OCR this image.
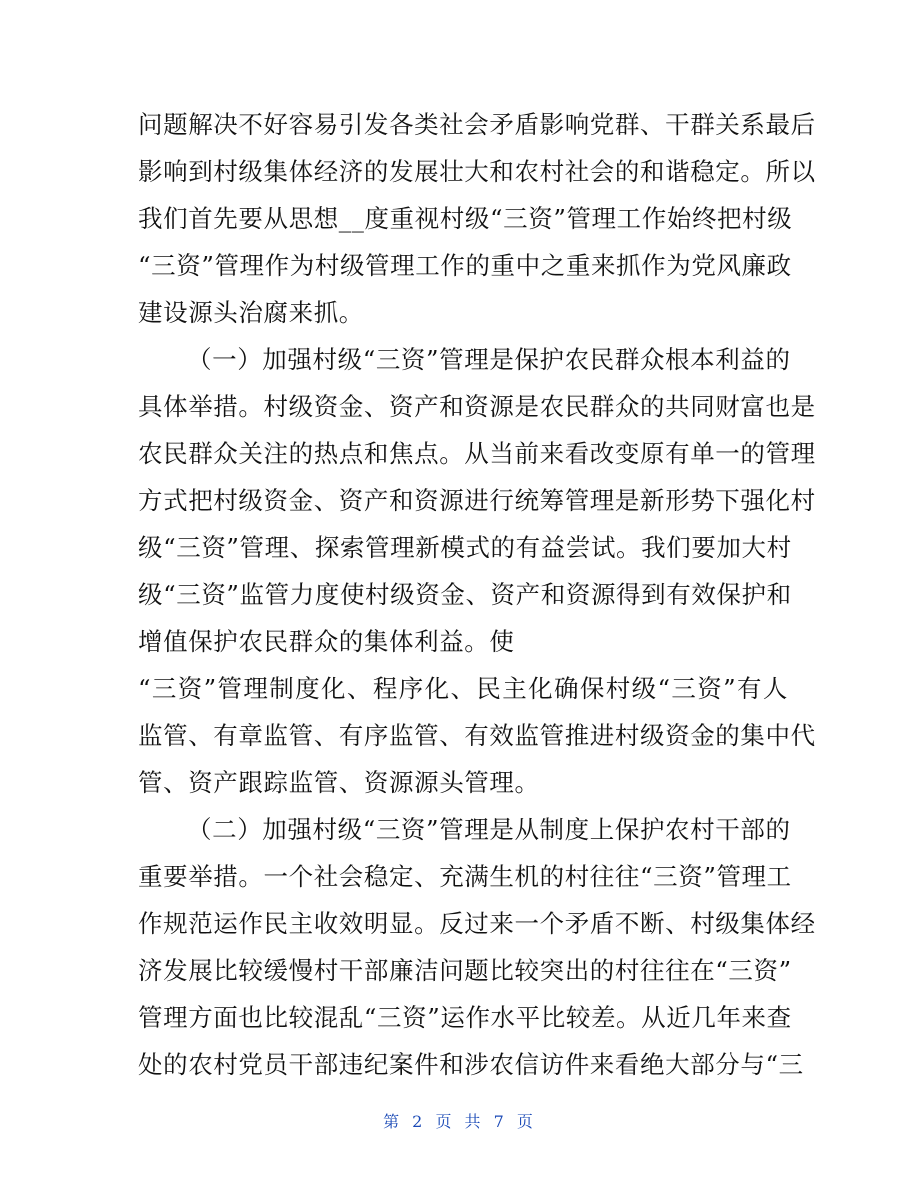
问题解决不好容易引发各类社会矛盾影响党群、干群关系最后
影响到村级集体经济的发展壮大和农村社会的和谐稳定。所以
我们首先要从思想__度重视村级“三资”管理工作始终把村级
“三资”管理作为村级管理工作的重中之重来抓作为党风廉政
建设源头治腐来抓。
（一）加强村级“三资”管理是保护农民群众根本利益的
具体举措。村级资金、资产和资源是农民群众的共同财富也是
农民群众关注的热点和焦点。从当前来看改变原有单一的管理
方式把村级资金、资产和资源进行统筹管理是新形势下强化村
级“三资”管理、探索管理新模式的有益尝试。我们要加大村
级“三资”监管力度使村级资金、资产和资源得到有效保护和
增值保护农民群众的集体利益。使
“三资”管理制度化、程序化、民主化确保村级“三资”有人
监管、有章监管、有序监管、有效监管推进村级资金的集中代
管、资产跟踪监管、资源源头管理。
（二）加强村级“三资”管理是从制度上保护农村干部的
重要举措。一个社会稳定、充满生机的村往往“三资”管理工
作规范运作民主收效明显。反过来一个矛盾不断、村级集体经
济发展比较缓慢村干部廉洁问题比较突出的村往往在“三资”
管理方面也比较混乱“三资”运作水平比较差。从近几年来查
处的农村党员干部违纪案件和涉农信访件来看绝大部分与“三
第 2 页 共 7 页
